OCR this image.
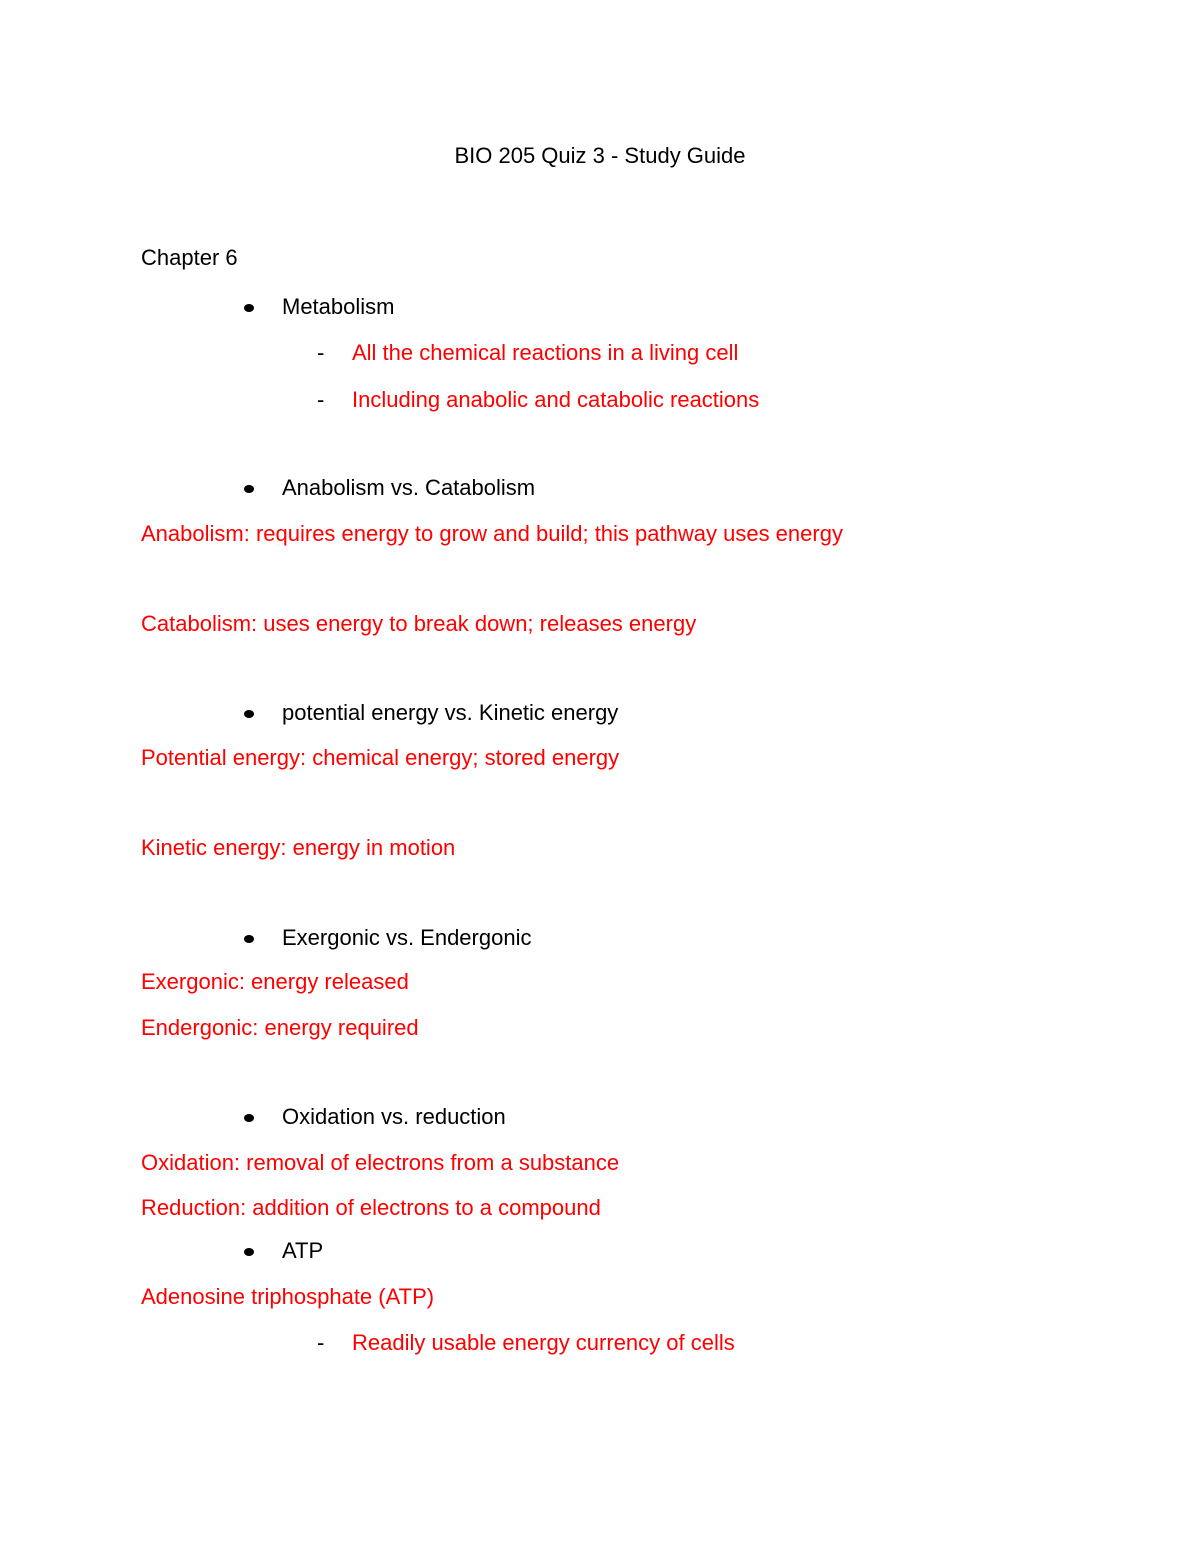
BIO 205 Quiz 3 - Study Guide
Chapter 6
Metabolism
- All the chemical reactions in a living cell
- Including anabolic and catabolic reactions
Anabolism vs. Catabolism
Anabolism: requires energy to grow and build; this pathway uses energy
Catabolism: uses energy to break down; releases energy
potential energy vs. Kinetic energy
Potential energy: chemical energy; stored energy
Kinetic energy: energy in motion
Exergonic vs. Endergonic
Exergonic: energy released
Endergonic: energy required
Oxidation vs. reduction
Oxidation: removal of electrons from a substance
Reduction: addition of electrons to a compound
ATP
Adenosine triphosphate (ATP)
- Readily usable energy currency of cells
